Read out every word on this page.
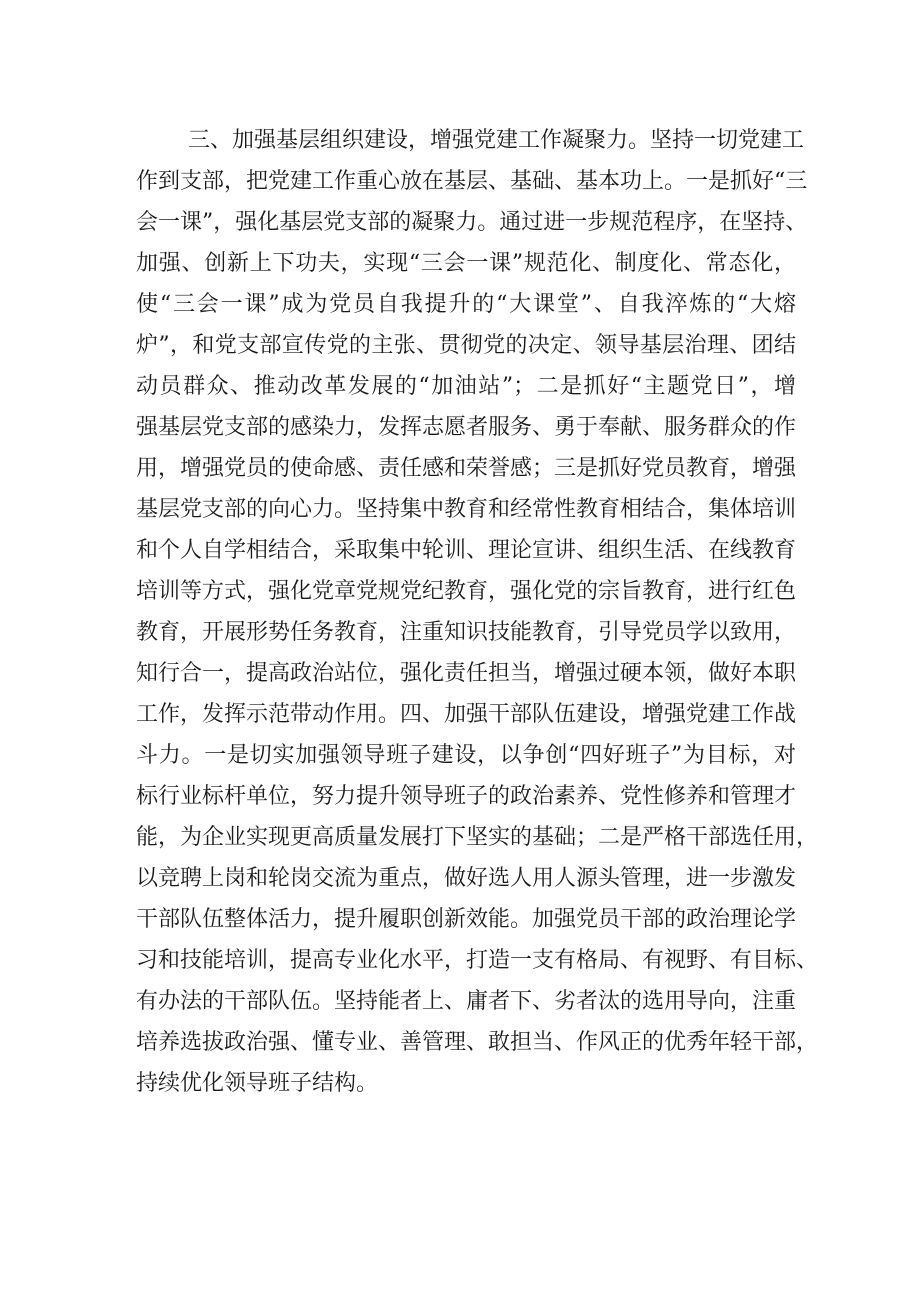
三、加强基层组织建设，增强党建工作凝聚力。坚持一切党建工
作到支部，把党建工作重心放在基层、基础、基本功上。一是抓好“三
会一课”，强化基层党支部的凝聚力。通过进一步规范程序，在坚持、
加强、创新上下功夫，实现“三会一课”规范化、制度化、常态化，
使“三会一课”成为党员自我提升的“大课堂”、自我淬炼的“大熔
炉”，和党支部宣传党的主张、贯彻党的决定、领导基层治理、团结
动员群众、推动改革发展的“加油站”；二是抓好“主题党日”，增
强基层党支部的感染力，发挥志愿者服务、勇于奉献、服务群众的作
用，增强党员的使命感、责任感和荣誉感；三是抓好党员教育，增强
基层党支部的向心力。坚持集中教育和经常性教育相结合，集体培训
和个人自学相结合，采取集中轮训、理论宣讲、组织生活、在线教育
培训等方式，强化党章党规党纪教育，强化党的宗旨教育，进行红色
教育，开展形势任务教育，注重知识技能教育，引导党员学以致用，
知行合一，提高政治站位，强化责任担当，增强过硬本领，做好本职
工作，发挥示范带动作用。四、加强干部队伍建设，增强党建工作战
斗力。一是切实加强领导班子建设，以争创“四好班子”为目标，对
标行业标杆单位，努力提升领导班子的政治素养、党性修养和管理才
能，为企业实现更高质量发展打下坚实的基础；二是严格干部选任用，
以竞聘上岗和轮岗交流为重点，做好选人用人源头管理，进一步激发
干部队伍整体活力，提升履职创新效能。加强党员干部的政治理论学
习和技能培训，提高专业化水平，打造一支有格局、有视野、有目标、
有办法的干部队伍。坚持能者上、庸者下、劣者汰的选用导向，注重
培养选拔政治强、懂专业、善管理、敢担当、作风正的优秀年轻干部，
持续优化领导班子结构。
